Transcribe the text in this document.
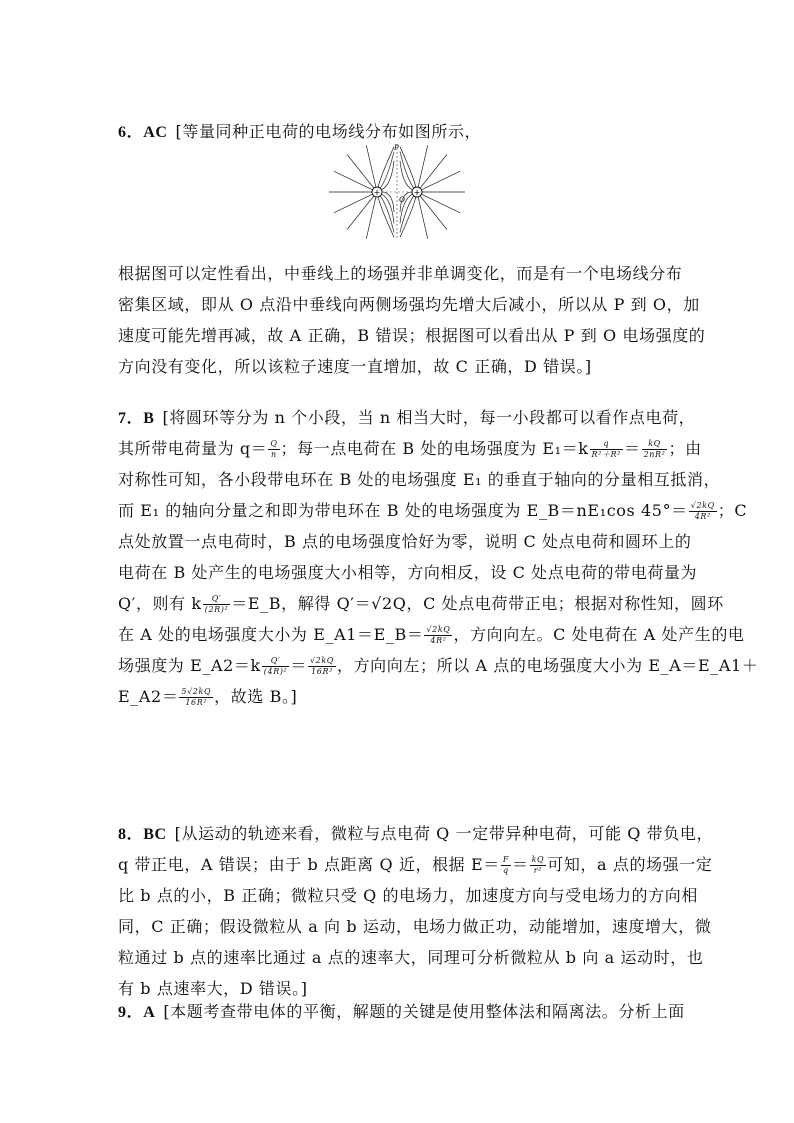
6．AC [等量同种正电荷的电场线分布如图所示，
+	+
P
O
根据图可以定性看出，中垂线上的场强并非单调变化，而是有一个电场线分布
密集区域，即从 O 点沿中垂线向两侧场强均先增大后减小，所以从 P 到 O，加
速度可能先增再减，故 A 正确，B 错误；根据图可以看出从 P 到 O 电场强度的
方向没有变化，所以该粒子速度一直增加，故 C 正确，D 错误。]
7．B [将圆环等分为 n 个小段，当 n 相当大时，每一小段都可以看作点电荷，
其所带电荷量为 $q= \frac{Q}{n}$ ；每一点电荷在 B 处的电场强度为 $E_1=k \frac{q}{\text{R²＋R²}} = \frac{kQ}{\text{2nR²}}$ ；由
对称性可知，各小段带电环在 B 处的电场强度 E₁ 的垂直于轴向的分量相互抵消，
而 E₁ 的轴向分量之和即为带电环在 B 处的电场强度为 E_B＝nE₁cos $45^\circ= \frac{√2kQ}{\text{4R²}}$ ；C
点处放置一点电荷时，B 点的电场强度恰好为零，说明 C 处点电荷和圆环上的
电荷在 B 处产生的电场强度大小相等，方向相反，设 C 处点电荷的带电荷量为
Q′，则有 k $\frac{Q'}{\text{(2R)²}}$ ＝E_B，解得 Q′＝√2Q，C 处点电荷带正电；根据对称性知，圆环
在 A 处的电场强度大小为 E_A1＝E_B＝ $\frac{√2kQ}{\text{4R²}}$ ，方向向左。C 处电荷在 A 处产生的电
场强度为 E_A2＝k $\frac{Q'}{\text{(4R)²}} = \frac{√2kQ}{\text{16R²}}$ ，方向向左；所以 A 点的电场强度大小为 E_A＝E_A1＋
E_A2＝ $\frac{5√2kQ}{\text{16R²}}$ ，故选 B。]
8．BC [从运动的轨迹来看，微粒与点电荷 Q 一定带异种电荷，可能 Q 带负电，
q 带正电，A 错误；由于 b 点距离 Q 近，根据 $E= \frac{F}{q} = \frac{kQ}{\text{r²}}$ 可知，a 点的场强一定
比 b 点的小，B 正确；微粒只受 Q 的电场力，加速度方向与受电场力的方向相
同，C 正确；假设微粒从 a 向 b 运动，电场力做正功，动能增加，速度增大，微
粒通过 b 点的速率比通过 a 点的速率大，同理可分析微粒从 b 向 a 运动时，也
有 b 点速率大，D 错误。]
9．A [本题考查带电体的平衡，解题的关键是使用整体法和隔离法。分析上面
